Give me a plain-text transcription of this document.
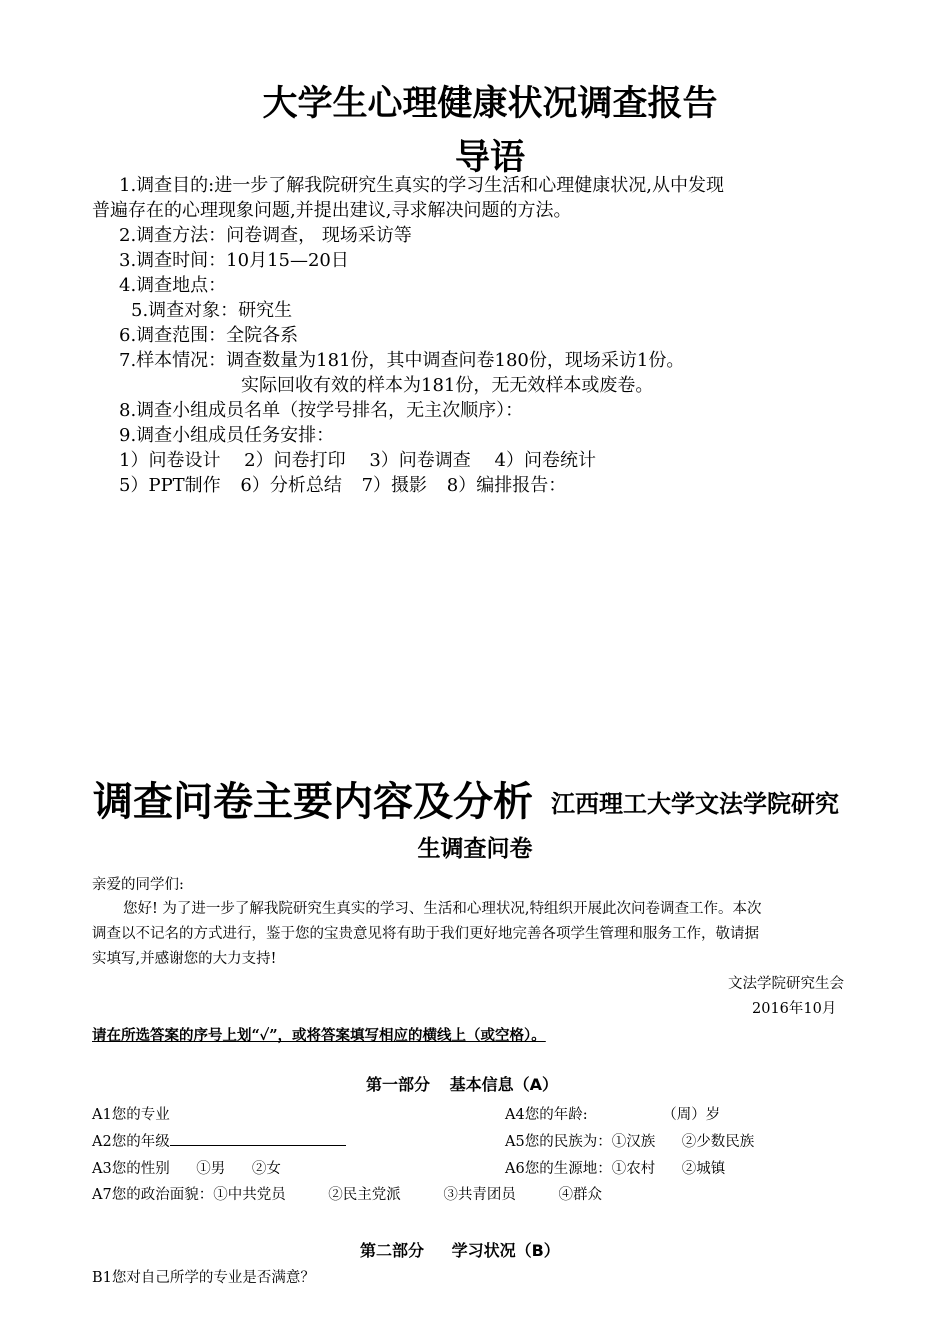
大学生心理健康状况调查报告
导语
1.调查目的:进一步了解我院研究生真实的学习生活和心理健康状况,从中发现
普遍存在的心理现象问题,并提出建议,寻求解决问题的方法。
2.调查方法：问卷调查， 现场采访等
3.调查时间：10月15—20日
4.调查地点：
5.调查对象：研究生
6.调查范围：全院各系
7.样本情况：调查数量为181份，其中调查问卷180份，现场采访1份。
实际回收有效的样本为181份，无无效样本或废卷。
8.调查小组成员名单（按学号排名，无主次顺序）：
9.调查小组成员任务安排：
1）问卷设计 2）问卷打印 3）问卷调查 4）问卷统计
5）PPT制作 6）分析总结 7）摄影 8）编排报告：
调查问卷主要内容及分析 江西理工大学文法学院研究
生调查问卷
亲爱的同学们:
您好! 为了进一步了解我院研究生真实的学习、生活和心理状况,特组织开展此次问卷调查工作。本次
调查以不记名的方式进行，鉴于您的宝贵意见将有助于我们更好地完善各项学生管理和服务工作，敬请据
实填写,并感谢您的大力支持!
文法学院研究生会
2016年10月
请在所选答案的序号上划“✓”，或将答案填写相应的横线上（或空格）。
第一部分 基本信息（A）
A1您的专业	A4您的年龄: （周）岁
A2您的年级	A5您的民族为：①汉族 ②少数民族
A3您的性别 ①男 ②女	A6您的生源地：①农村 ②城镇
A7您的政治面貌：①中共党员 ②民主党派 ③共青团员 ④群众
第二部分 学习状况（B）
B1您对自己所学的专业是否满意？
